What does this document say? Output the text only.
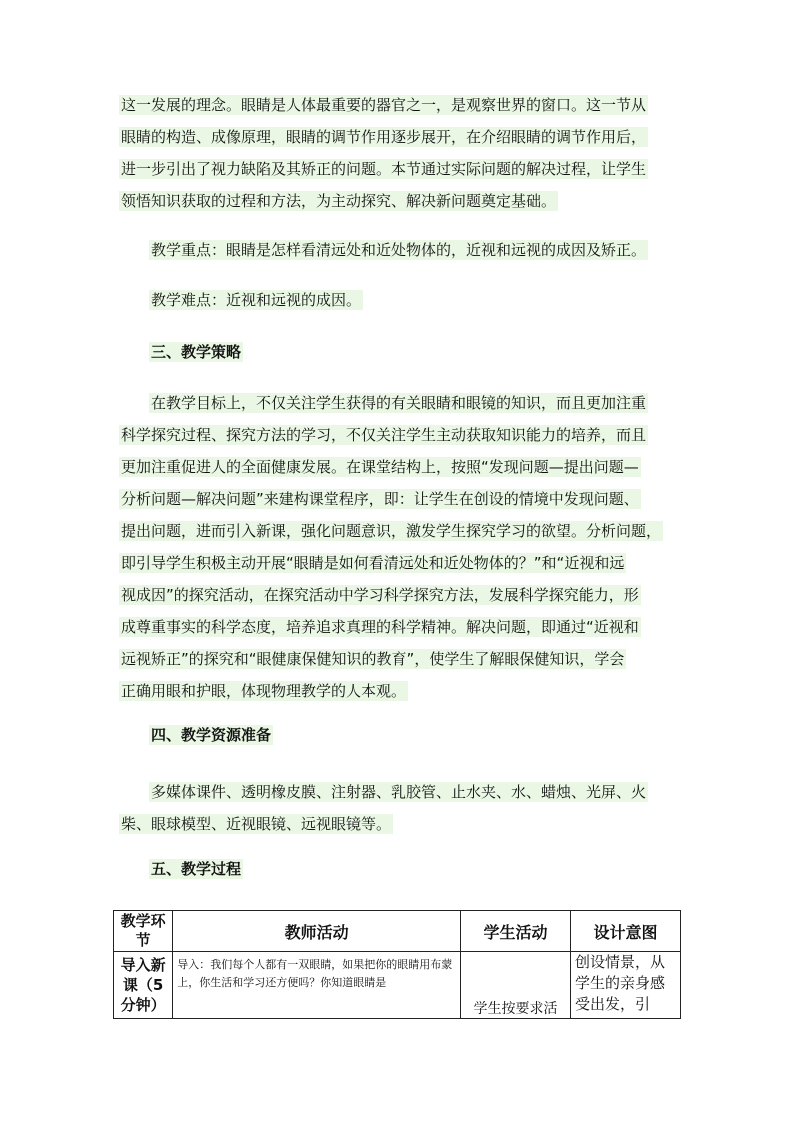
这一发展的理念。眼睛是人体最重要的器官之一，是观察世界的窗口。这一节从
眼睛的构造、成像原理，眼睛的调节作用逐步展开，在介绍眼睛的调节作用后，
进一步引出了视力缺陷及其矫正的问题。本节通过实际问题的解决过程，让学生
领悟知识获取的过程和方法，为主动探究、解决新问题奠定基础。
教学重点：眼睛是怎样看清远处和近处物体的，近视和远视的成因及矫正。
教学难点：近视和远视的成因。
三、教学策略
在教学目标上，不仅关注学生获得的有关眼睛和眼镜的知识，而且更加注重
科学探究过程、探究方法的学习，不仅关注学生主动获取知识能力的培养，而且
更加注重促进人的全面健康发展。在课堂结构上，按照“发现问题—提出问题—
分析问题—解决问题”来建构课堂程序，即：让学生在创设的情境中发现问题、
提出问题，进而引入新课，强化问题意识，激发学生探究学习的欲望。分析问题，
即引导学生积极主动开展“眼睛是如何看清远处和近处物体的？”和“近视和远
视成因”的探究活动，在探究活动中学习科学探究方法，发展科学探究能力，形
成尊重事实的科学态度，培养追求真理的科学精神。解决问题，即通过“近视和
远视矫正”的探究和“眼健康保健知识的教育”，使学生了解眼保健知识，学会
正确用眼和护眼，体现物理教学的人本观。
四、教学资源准备
多媒体课件、透明橡皮膜、注射器、乳胶管、止水夹、水、蜡烛、光屏、火
柴、眼球模型、近视眼镜、远视眼镜等。
五、教学过程
教学环节	教师活动	学生活动	设计意图
导入新课（5分钟）	导入：我们每个人都有一双眼睛，如果把你的眼睛用布蒙上，你生活和学习还方便吗？你知道眼睛是	学生按要求活	创设情景，从学生的亲身感受出发，引
